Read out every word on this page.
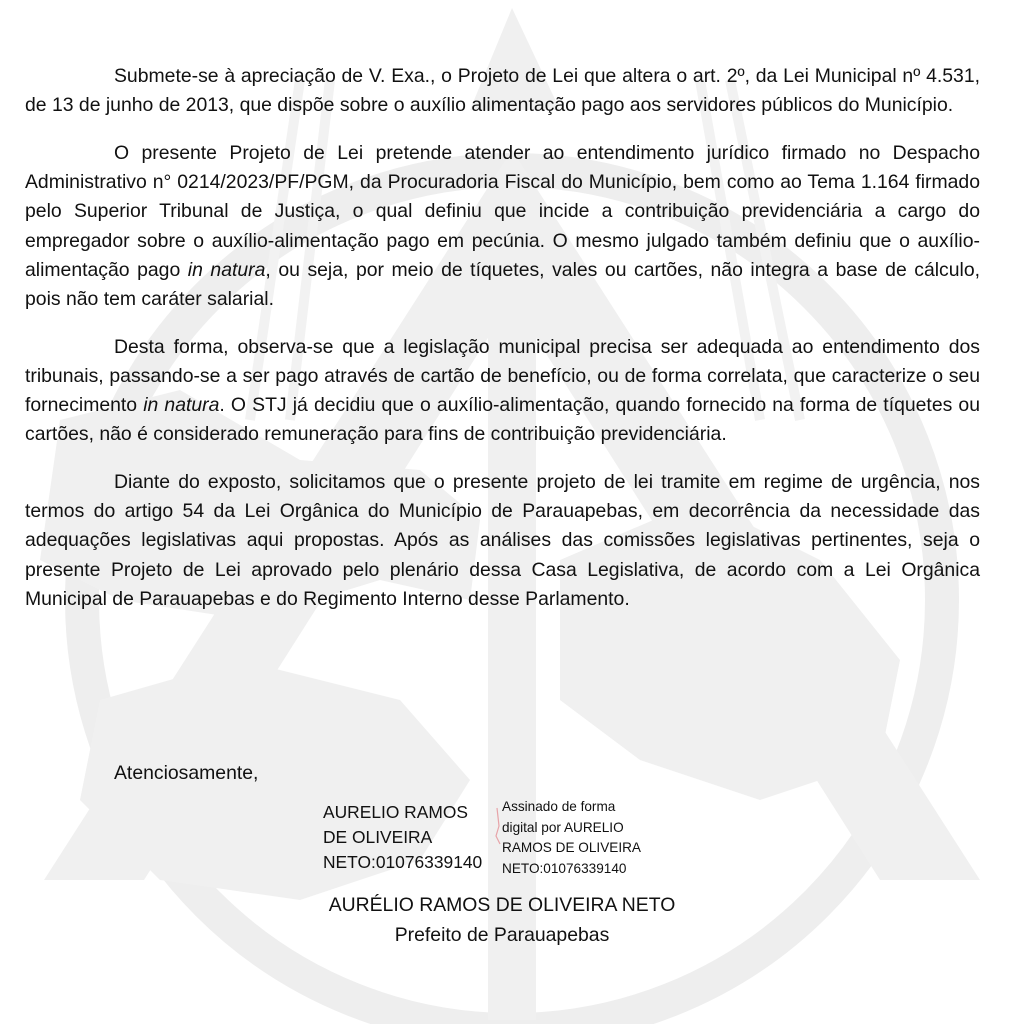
Submete-se à apreciação de V. Exa., o Projeto de Lei que altera o art. 2º, da Lei Municipal nº 4.531, de 13 de junho de 2013, que dispõe sobre o auxílio alimentação pago aos servidores públicos do Município.

O presente Projeto de Lei pretende atender ao entendimento jurídico firmado no Despacho Administrativo n° 0214/2023/PF/PGM, da Procuradoria Fiscal do Município, bem como ao Tema 1.164 firmado pelo Superior Tribunal de Justiça, o qual definiu que incide a contribuição previdenciária a cargo do empregador sobre o auxílio-alimentação pago em pecúnia. O mesmo julgado também definiu que o auxílio-alimentação pago in natura, ou seja, por meio de tíquetes, vales ou cartões, não integra a base de cálculo, pois não tem caráter salarial.

Desta forma, observa-se que a legislação municipal precisa ser adequada ao entendimento dos tribunais, passando-se a ser pago através de cartão de benefício, ou de forma correlata, que caracterize o seu fornecimento in natura. O STJ já decidiu que o auxílio-alimentação, quando fornecido na forma de tíquetes ou cartões, não é considerado remuneração para fins de contribuição previdenciária.

Diante do exposto, solicitamos que o presente projeto de lei tramite em regime de urgência, nos termos do artigo 54 da Lei Orgânica do Município de Parauapebas, em decorrência da necessidade das adequações legislativas aqui propostas. Após as análises das comissões legislativas pertinentes, seja o presente Projeto de Lei aprovado pelo plenário dessa Casa Legislativa, de acordo com a Lei Orgânica Municipal de Parauapebas e do Regimento Interno desse Parlamento.

Atenciosamente,

AURELIO RAMOS
DE OLIVEIRA
NETO:01076339140
Assinado de forma
digital por AURELIO
RAMOS DE OLIVEIRA
NETO:01076339140
AURÉLIO RAMOS DE OLIVEIRA NETO
Prefeito de Parauapebas
